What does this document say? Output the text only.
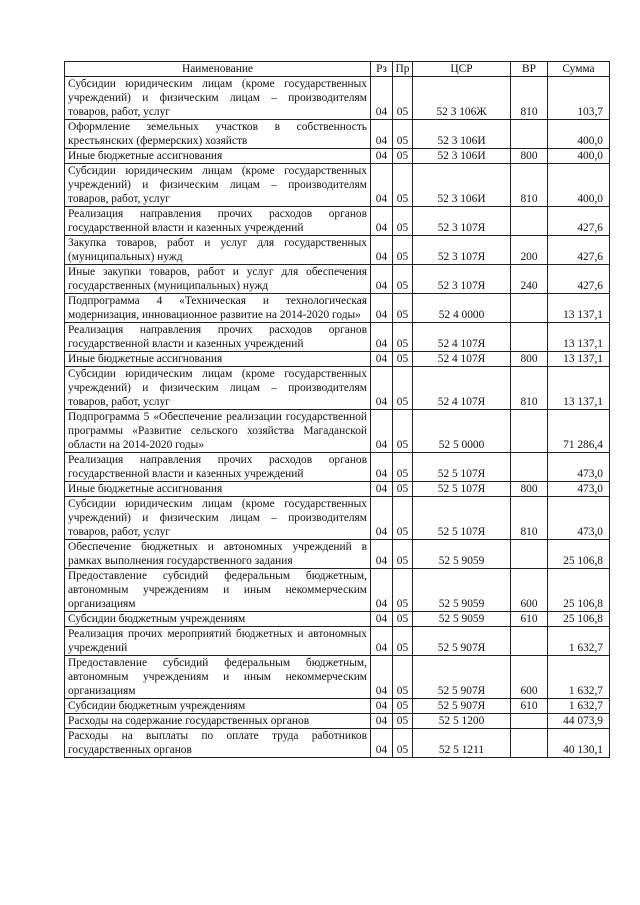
Наименование	Рз	Пр	ЦСР	ВР	Сумма
Субсидии юридическим лицам (кроме государственных учреждений) и физическим лицам – производителям товаров, работ, услуг	04	05	52 3 106Ж	810	103,7
Оформление земельных участков в собственность крестьянских (фермерских) хозяйств	04	05	52 3 106И		400,0
Иные бюджетные ассигнования	04	05	52 3 106И	800	400,0
Субсидии юридическим лицам (кроме государственных учреждений) и физическим лицам – производителям товаров, работ, услуг	04	05	52 3 106И	810	400,0
Реализация направления прочих расходов органов государственной власти и казенных учреждений	04	05	52 3 107Я		427,6
Закупка товаров, работ и услуг для государственных (муниципальных) нужд	04	05	52 3 107Я	200	427,6
Иные закупки товаров, работ и услуг для обеспечения государственных (муниципальных) нужд	04	05	52 3 107Я	240	427,6
Подпрограмма 4 «Техническая и технологическая модернизация, инновационное развитие на 2014-2020 годы»	04	05	52 4 0000		13 137,1
Реализация направления прочих расходов органов государственной власти и казенных учреждений	04	05	52 4 107Я		13 137,1
Иные бюджетные ассигнования	04	05	52 4 107Я	800	13 137,1
Субсидии юридическим лицам (кроме государственных учреждений) и физическим лицам – производителям товаров, работ, услуг	04	05	52 4 107Я	810	13 137,1
Подпрограмма 5 «Обеспечение реализации государственной программы «Развитие сельского хозяйства Магаданской области на 2014-2020 годы»	04	05	52 5 0000		71 286,4
Реализация направления прочих расходов органов государственной власти и казенных учреждений	04	05	52 5 107Я		473,0
Иные бюджетные ассигнования	04	05	52 5 107Я	800	473,0
Субсидии юридическим лицам (кроме государственных учреждений) и физическим лицам – производителям товаров, работ, услуг	04	05	52 5 107Я	810	473,0
Обеспечение бюджетных и автономных учреждений в рамках выполнения государственного задания	04	05	52 5 9059		25 106,8
Предоставление субсидий федеральным бюджетным, автономным учреждениям и иным некоммерческим организациям	04	05	52 5 9059	600	25 106,8
Субсидии бюджетным учреждениям	04	05	52 5 9059	610	25 106,8
Реализация прочих мероприятий бюджетных и автономных учреждений	04	05	52 5 907Я		1 632,7
Предоставление субсидий федеральным бюджетным, автономным учреждениям и иным некоммерческим организациям	04	05	52 5 907Я	600	1 632,7
Субсидии бюджетным учреждениям	04	05	52 5 907Я	610	1 632,7
Расходы на содержание государственных органов	04	05	52 5 1200		44 073,9
Расходы на выплаты по оплате труда работников государственных органов	04	05	52 5 1211		40 130,1
